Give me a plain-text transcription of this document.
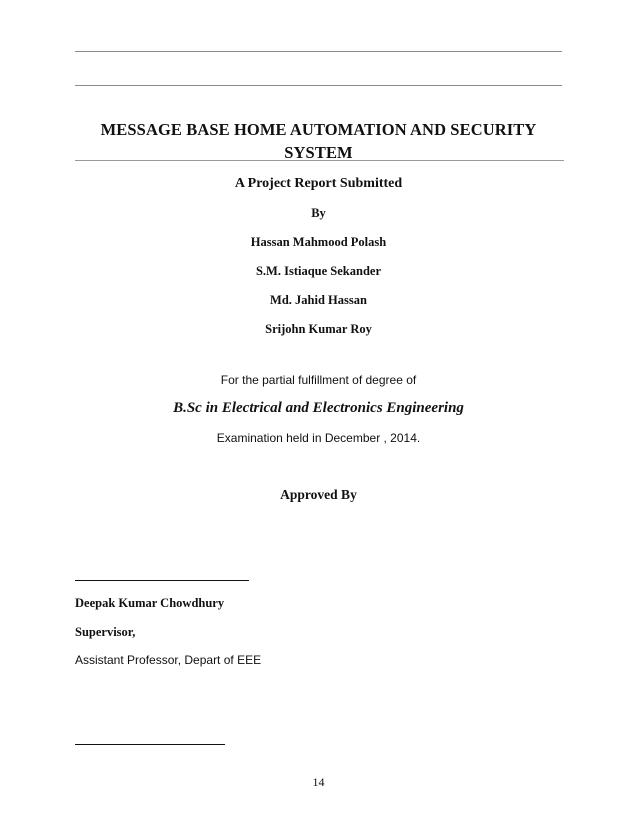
MESSAGE BASE HOME AUTOMATION AND SECURITY SYSTEM

A Project Report Submitted

By

Hassan Mahmood Polash

S.M. Istiaque Sekander

Md. Jahid Hassan

Srijohn Kumar Roy

For the partial fulfillment of degree of

B.Sc in Electrical and Electronics Engineering

Examination held in December , 2014.

Approved By

Deepak Kumar Chowdhury

Supervisor,

Assistant Professor, Depart of EEE

14
